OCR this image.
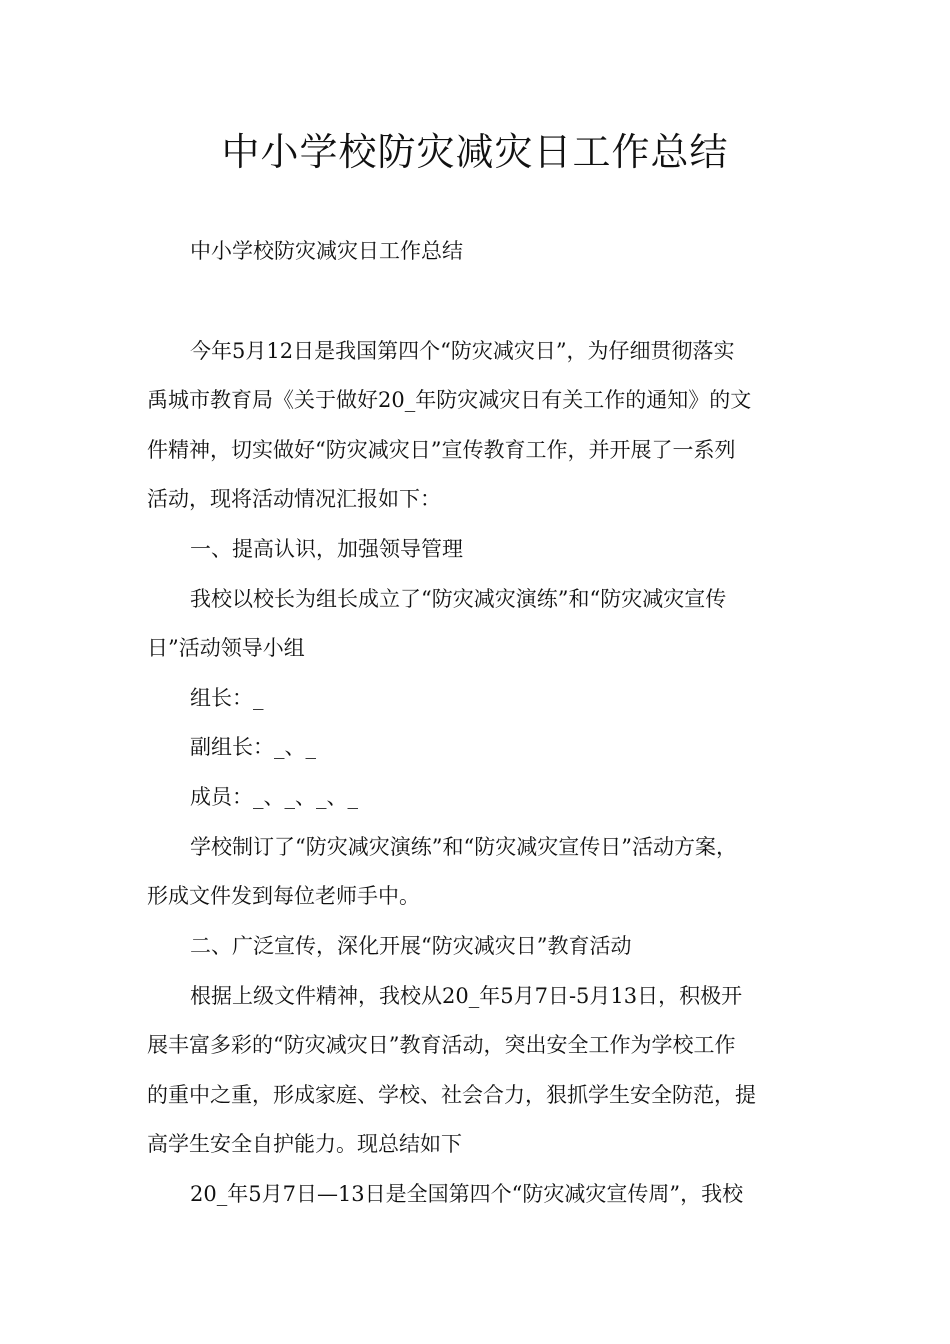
中小学校防灾减灾日工作总结
中小学校防灾减灾日工作总结
今年5月12日是我国第四个“防灾减灾日”，为仔细贯彻落实
禹城市教育局《关于做好20_年防灾减灾日有关工作的通知》的文
件精神，切实做好“防灾减灾日”宣传教育工作，并开展了一系列
活动，现将活动情况汇报如下：
一、提高认识，加强领导管理
我校以校长为组长成立了“防灾减灾演练”和“防灾减灾宣传
日”活动领导小组
组长：_
副组长：_、_
成员：_、_、_、_
学校制订了“防灾减灾演练”和“防灾减灾宣传日”活动方案，
形成文件发到每位老师手中。
二、广泛宣传，深化开展“防灾减灾日”教育活动
根据上级文件精神，我校从20_年5月7日-5月13日，积极开
展丰富多彩的“防灾减灾日”教育活动，突出安全工作为学校工作
的重中之重，形成家庭、学校、社会合力，狠抓学生安全防范，提
高学生安全自护能力。现总结如下
20_年5月7日—13日是全国第四个“防灾减灾宣传周”，我校
